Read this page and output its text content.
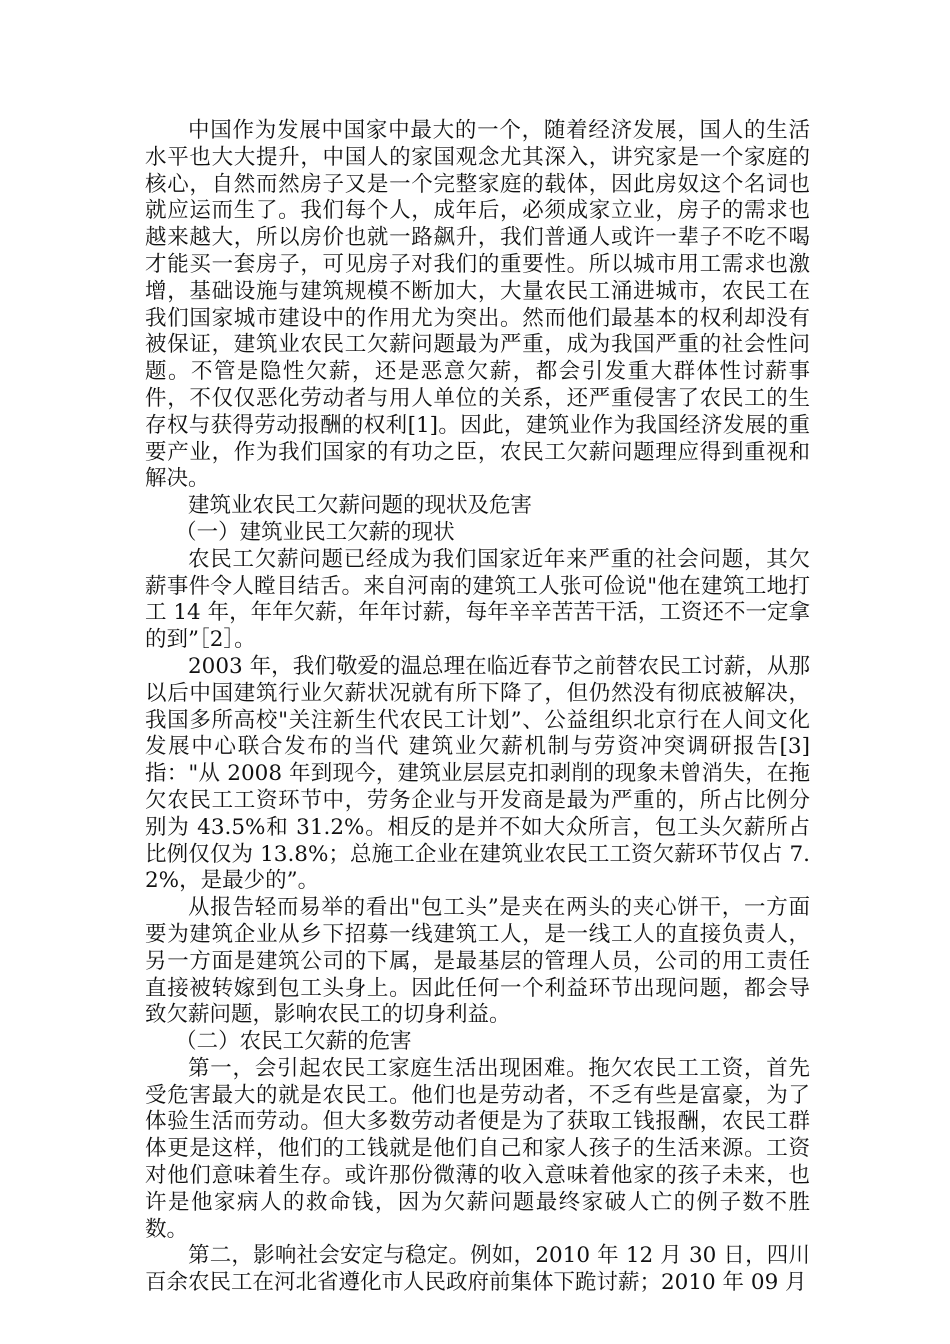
中国作为发展中国家中最大的一个，随着经济发展，国人的生活水平也大大提升，中国人的家国观念尤其深入，讲究家是一个家庭的核心，自然而然房子又是一个完整家庭的载体，因此房奴这个名词也就应运而生了。我们每个人，成年后，必须成家立业，房子的需求也越来越大，所以房价也就一路飙升，我们普通人或许一辈子不吃不喝才能买一套房子，可见房子对我们的重要性。所以城市用工需求也激增，基础设施与建筑规模不断加大，大量农民工涌进城市，农民工在我们国家城市建设中的作用尤为突出。然而他们最基本的权利却没有被保证，建筑业农民工欠薪问题最为严重，成为我国严重的社会性问题。不管是隐性欠薪，还是恶意欠薪，都会引发重大群体性讨薪事件，不仅仅恶化劳动者与用人单位的关系，还严重侵害了农民工的生存权与获得劳动报酬的权利[1]。因此，建筑业作为我国经济发展的重要产业，作为我们国家的有功之臣，农民工欠薪问题理应得到重视和解决。

建筑业农民工欠薪问题的现状及危害
（一）建筑业民工欠薪的现状

农民工欠薪问题已经成为我们国家近年来严重的社会问题，其欠薪事件令人瞠目结舌。来自河南的建筑工人张可俭说"他在建筑工地打工 14 年，年年欠薪，年年讨薪，每年辛辛苦苦干活，工资还不一定拿的到”［2］。

2003 年，我们敬爱的温总理在临近春节之前替农民工讨薪，从那以后中国建筑行业欠薪状况就有所下降了，但仍然没有彻底被解决，我国多所高校"关注新生代农民工计划”、公益组织北京行在人间文化发展中心联合发布的当代 建筑业欠薪机制与劳资冲突调研报告[3]指："从 2008 年到现今，建筑业层层克扣剥削的现象未曾消失，在拖欠农民工工资环节中，劳务企业与开发商是最为严重的，所占比例分别为 43.5%和 31.2%。相反的是并不如大众所言，包工头欠薪所占比例仅仅为 13.8%；总施工企业在建筑业农民工工资欠薪环节仅占 7.2%，是最少的”。

从报告轻而易举的看出"包工头”是夹在两头的夹心饼干，一方面要为建筑企业从乡下招募一线建筑工人，是一线工人的直接负责人，另一方面是建筑公司的下属，是最基层的管理人员，公司的用工责任直接被转嫁到包工头身上。因此任何一个利益环节出现问题，都会导致欠薪问题，影响农民工的切身利益。

（二）农民工欠薪的危害

第一，会引起农民工家庭生活出现困难。拖欠农民工工资，首先受危害最大的就是农民工。他们也是劳动者，不乏有些是富豪，为了体验生活而劳动。但大多数劳动者便是为了获取工钱报酬，农民工群体更是这样，他们的工钱就是他们自己和家人孩子的生活来源。工资对他们意味着生存。或许那份微薄的收入意味着他家的孩子未来，也许是他家病人的救命钱，因为欠薪问题最终家破人亡的例子数不胜数。

第二，影响社会安定与稳定。例如，2010 年 12 月 30 日，四川百余农民工在河北省遵化市人民政府前集体下跪讨薪；2010 年 09 月
